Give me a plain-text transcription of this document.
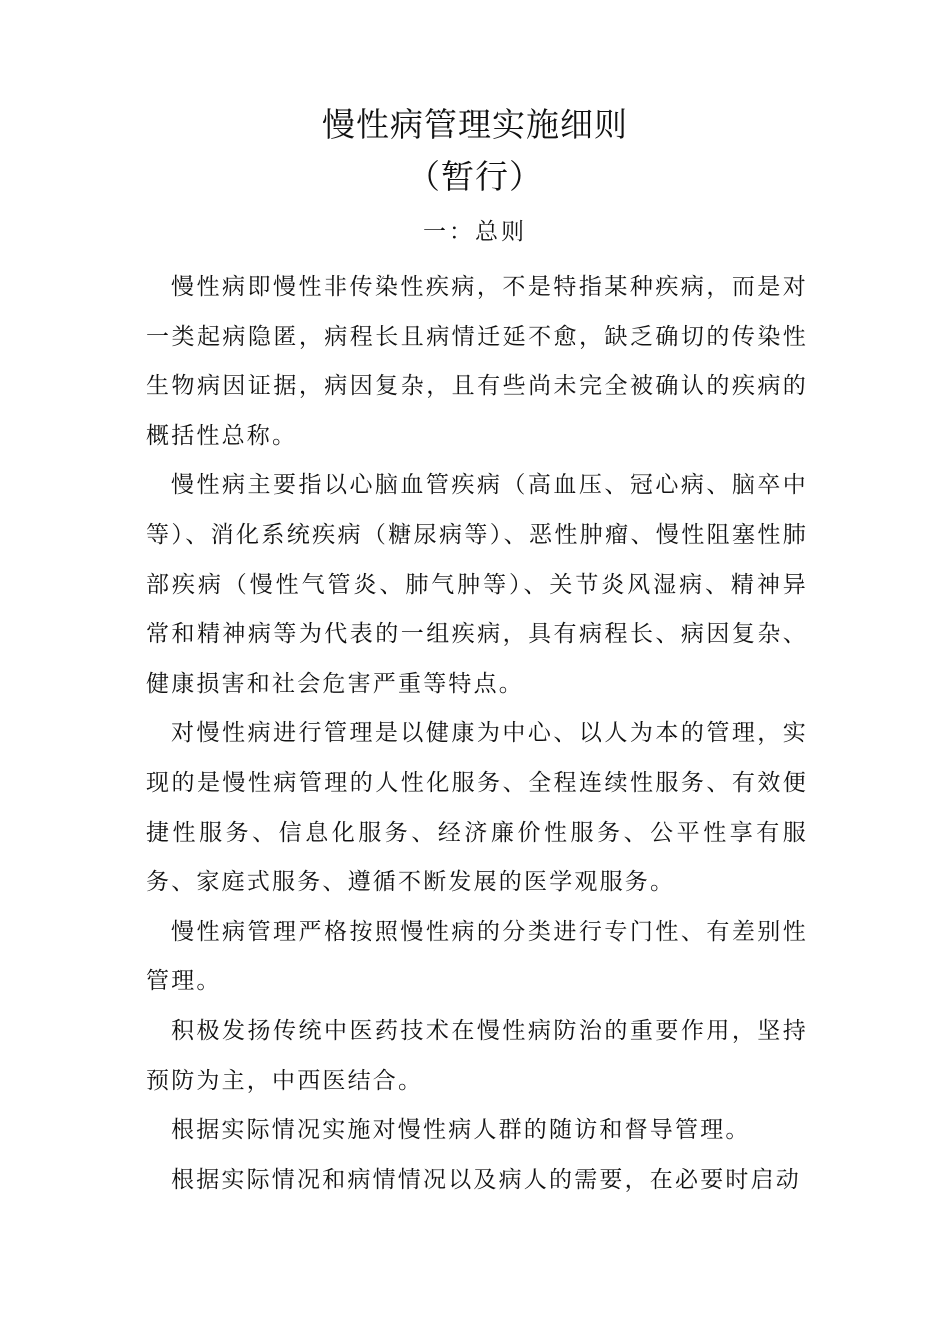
慢性病管理实施细则
（暂行）
一：总则

慢性病即慢性非传染性疾病，不是特指某种疾病，而是对一类起病隐匿，病程长且病情迁延不愈，缺乏确切的传染性生物病因证据，病因复杂，且有些尚未完全被确认的疾病的概括性总称。

慢性病主要指以心脑血管疾病（高血压、冠心病、脑卒中等）、消化系统疾病（糖尿病等）、恶性肿瘤、慢性阻塞性肺部疾病（慢性气管炎、肺气肿等）、关节炎风湿病、精神异常和精神病等为代表的一组疾病，具有病程长、病因复杂、健康损害和社会危害严重等特点。

对慢性病进行管理是以健康为中心、以人为本的管理，实现的是慢性病管理的人性化服务、全程连续性服务、有效便捷性服务、信息化服务、经济廉价性服务、公平性享有服务、家庭式服务、遵循不断发展的医学观服务。

慢性病管理严格按照慢性病的分类进行专门性、有差别性管理。

积极发扬传统中医药技术在慢性病防治的重要作用，坚持预防为主，中西医结合。

根据实际情况实施对慢性病人群的随访和督导管理。

根据实际情况和病情情况以及病人的需要，在必要时启动
